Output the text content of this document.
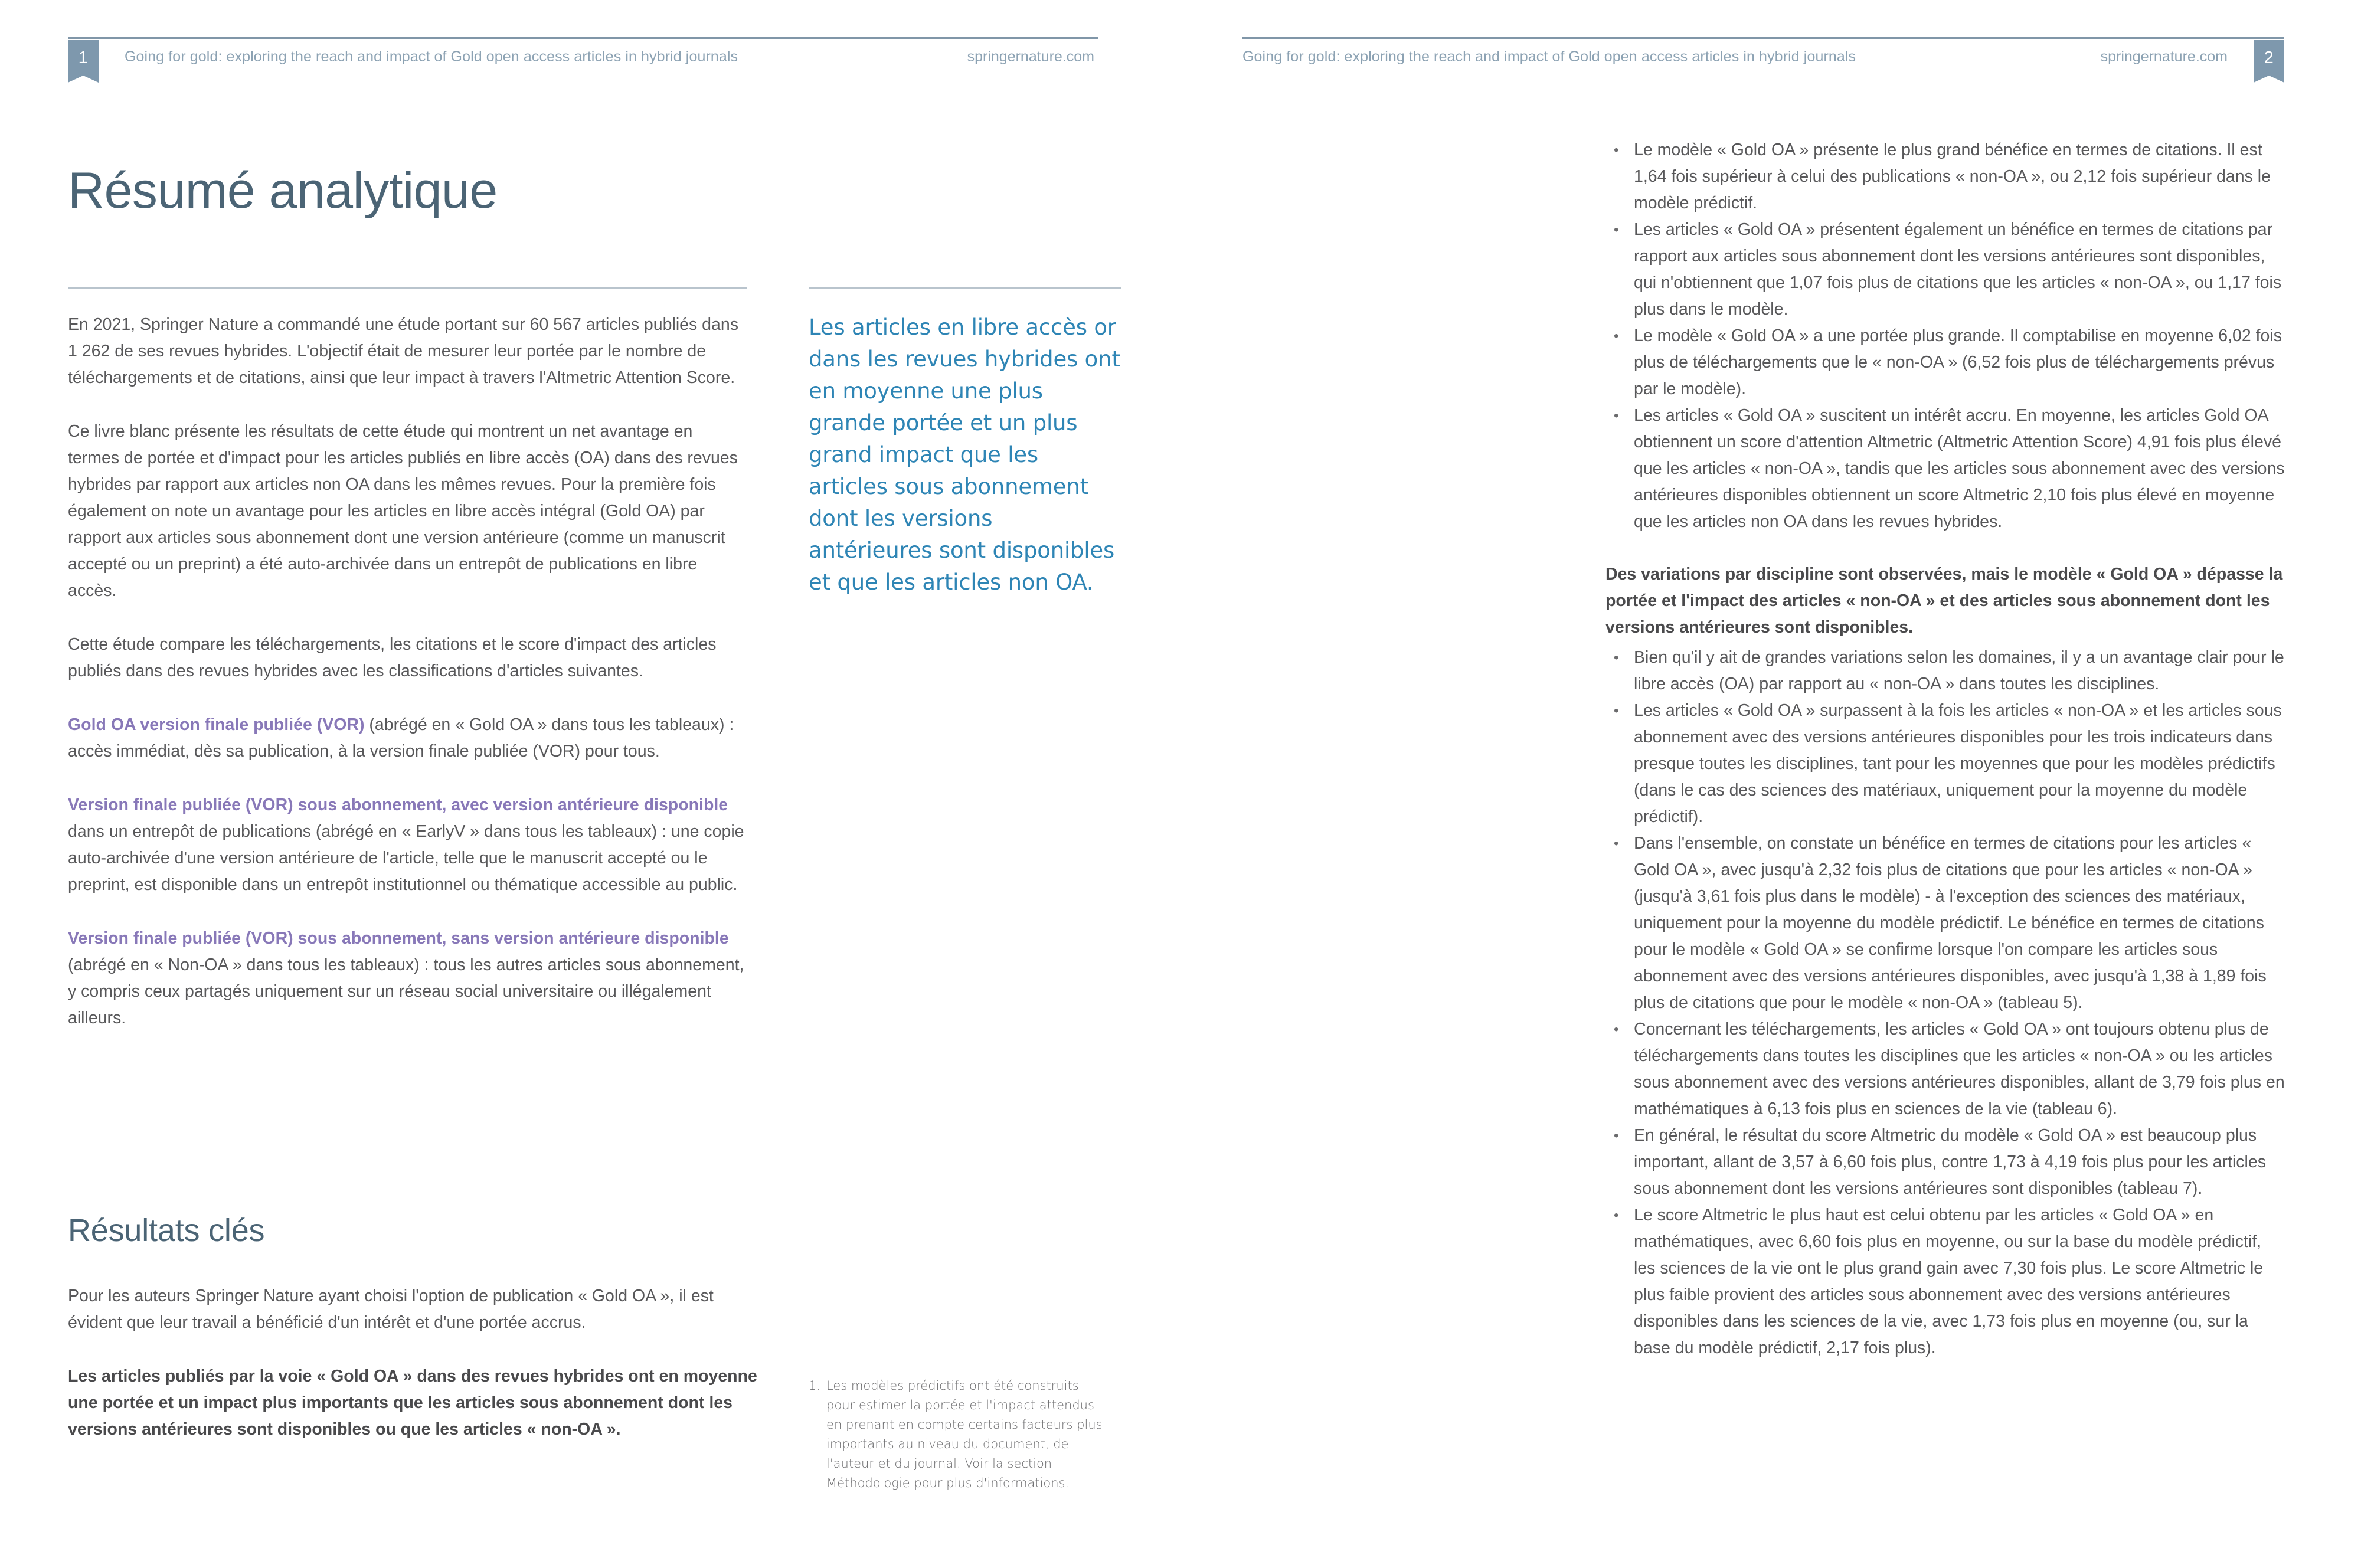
1	Going for gold: exploring the reach and impact of Gold open access articles in hybrid journals	springernature.com
Résumé analytique

En 2021, Springer Nature a commandé une étude portant sur 60 567 articles publiés dans 1 262 de ses revues hybrides. L'objectif était de mesurer leur portée par le nombre de téléchargements et de citations, ainsi que leur impact à travers l'Altmetric Attention Score.

Ce livre blanc présente les résultats de cette étude qui montrent un net avantage en termes de portée et d'impact pour les articles publiés en libre accès (OA) dans des revues hybrides par rapport aux articles non OA dans les mêmes revues. Pour la première fois également on note un avantage pour les articles en libre accès intégral (Gold OA) par rapport aux articles sous abonnement dont une version antérieure (comme un manuscrit accepté ou un preprint) a été auto-archivée dans un entrepôt de publications en libre accès.

Cette étude compare les téléchargements, les citations et le score d'impact des articles publiés dans des revues hybrides avec les classifications d'articles suivantes.

Gold OA version finale publiée (VOR) (abrégé en « Gold OA » dans tous les tableaux) : accès immédiat, dès sa publication, à la version finale publiée (VOR) pour tous.

Version finale publiée (VOR) sous abonnement, avec version antérieure disponible dans un entrepôt de publications (abrégé en « EarlyV » dans tous les tableaux) : une copie auto-archivée d'une version antérieure de l'article, telle que le manuscrit accepté ou le preprint, est disponible dans un entrepôt institutionnel ou thématique accessible au public.

Version finale publiée (VOR) sous abonnement, sans version antérieure disponible (abrégé en « Non-OA » dans tous les tableaux) : tous les autres articles sous abonnement, y compris ceux partagés uniquement sur un réseau social universitaire ou illégalement ailleurs.

Les articles en libre accès or dans les revues hybrides ont en moyenne une plus grande portée et un plus grand impact que les articles sous abonnement dont les versions antérieures sont disponibles et que les articles non OA.
Résultats clés

Pour les auteurs Springer Nature ayant choisi l'option de publication « Gold OA », il est évident que leur travail a bénéficié d'un intérêt et d'une portée accrus.

Les articles publiés par la voie « Gold OA » dans des revues hybrides ont en moyenne une portée et un impact plus importants que les articles sous abonnement dont les versions antérieures sont disponibles ou que les articles « non-OA ».

1. Les modèles prédictifs ont été construits pour estimer la portée et l'impact attendus en prenant en compte certains facteurs plus importants au niveau du document, de l'auteur et du journal. Voir la section Méthodologie pour plus d'informations.
Going for gold: exploring the reach and impact of Gold open access articles in hybrid journals	springernature.com	2
• Le modèle « Gold OA » présente le plus grand bénéfice en termes de citations. Il est 1,64 fois supérieur à celui des publications « non-OA », ou 2,12 fois supérieur dans le modèle prédictif.
• Les articles « Gold OA » présentent également un bénéfice en termes de citations par rapport aux articles sous abonnement dont les versions antérieures sont disponibles, qui n'obtiennent que 1,07 fois plus de citations que les articles « non-OA », ou 1,17 fois plus dans le modèle.
• Le modèle « Gold OA » a une portée plus grande. Il comptabilise en moyenne 6,02 fois plus de téléchargements que le « non-OA » (6,52 fois plus de téléchargements prévus par le modèle).
• Les articles « Gold OA » suscitent un intérêt accru. En moyenne, les articles Gold OA obtiennent un score d'attention Altmetric (Altmetric Attention Score) 4,91 fois plus élevé que les articles « non-OA », tandis que les articles sous abonnement avec des versions antérieures disponibles obtiennent un score Altmetric 2,10 fois plus élevé en moyenne que les articles non OA dans les revues hybrides.

Des variations par discipline sont observées, mais le modèle « Gold OA » dépasse la portée et l'impact des articles « non-OA » et des articles sous abonnement dont les versions antérieures sont disponibles.

• Bien qu'il y ait de grandes variations selon les domaines, il y a un avantage clair pour le libre accès (OA) par rapport au « non-OA » dans toutes les disciplines.
• Les articles « Gold OA » surpassent à la fois les articles « non-OA » et les articles sous abonnement avec des versions antérieures disponibles pour les trois indicateurs dans presque toutes les disciplines, tant pour les moyennes que pour les modèles prédictifs (dans le cas des sciences des matériaux, uniquement pour la moyenne du modèle prédictif).
• Dans l'ensemble, on constate un bénéfice en termes de citations pour les articles « Gold OA », avec jusqu'à 2,32 fois plus de citations que pour les articles « non-OA » (jusqu'à 3,61 fois plus dans le modèle) - à l'exception des sciences des matériaux, uniquement pour la moyenne du modèle prédictif. Le bénéfice en termes de citations pour le modèle « Gold OA » se confirme lorsque l'on compare les articles sous abonnement avec des versions antérieures disponibles, avec jusqu'à 1,38 à 1,89 fois plus de citations que pour le modèle « non-OA » (tableau 5).
• Concernant les téléchargements, les articles « Gold OA » ont toujours obtenu plus de téléchargements dans toutes les disciplines que les articles « non-OA » ou les articles sous abonnement avec des versions antérieures disponibles, allant de 3,79 fois plus en mathématiques à 6,13 fois plus en sciences de la vie (tableau 6).
• En général, le résultat du score Altmetric du modèle « Gold OA » est beaucoup plus important, allant de 3,57 à 6,60 fois plus, contre 1,73 à 4,19 fois plus pour les articles sous abonnement dont les versions antérieures sont disponibles (tableau 7).
• Le score Altmetric le plus haut est celui obtenu par les articles « Gold OA » en mathématiques, avec 6,60 fois plus en moyenne, ou sur la base du modèle prédictif, les sciences de la vie ont le plus grand gain avec 7,30 fois plus. Le score Altmetric le plus faible provient des articles sous abonnement avec des versions antérieures disponibles dans les sciences de la vie, avec 1,73 fois plus en moyenne (ou, sur la base du modèle prédictif, 2,17 fois plus).
